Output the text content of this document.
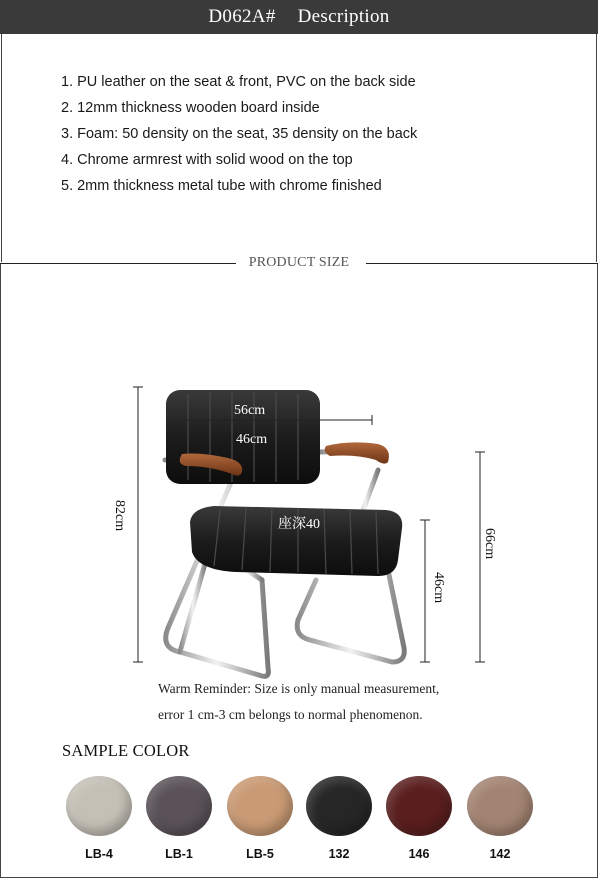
D062A# Description
1. PU leather on the seat & front, PVC on the back side
2. 12mm thickness wooden board inside
3. Foam: 50 density on the seat, 35 density on the back
4. Chrome armrest with solid wood on the top
5. 2mm thickness metal tube with chrome finished
PRODUCT SIZE
56cm
46cm
座深40
82cm
66cm
46cm
Warm Reminder: Size is only manual measurement,
error 1 cm-3 cm belongs to normal phenomenon.
SAMPLE COLOR
LB-4	LB-1	LB-5	132	146	142
